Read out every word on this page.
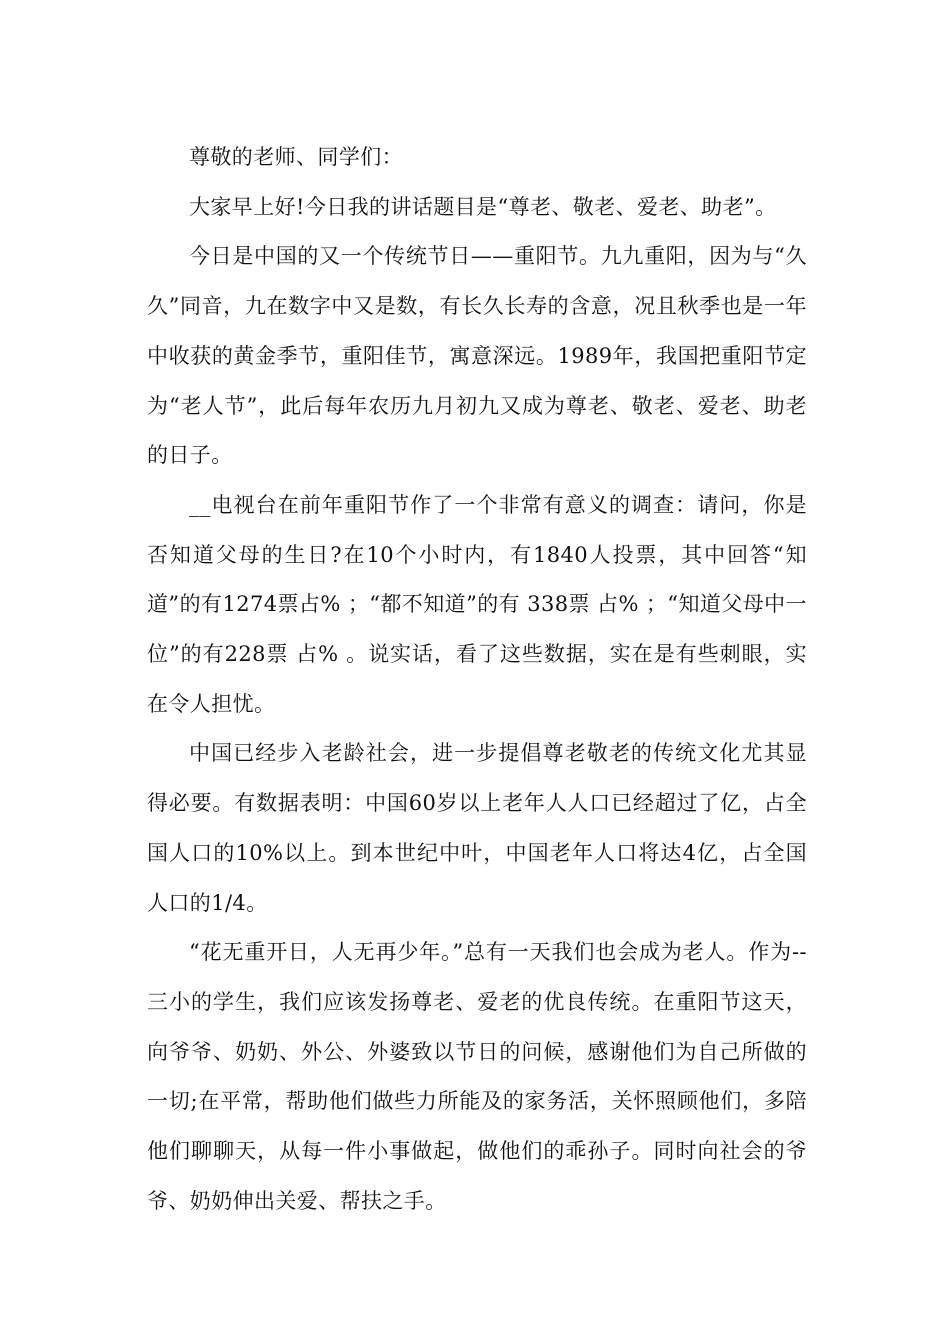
尊敬的老师、同学们：

大家早上好!今日我的讲话题目是“尊老、敬老、爱老、助老”。

今日是中国的又一个传统节日——重阳节。九九重阳，因为与“久久”同音，九在数字中又是数，有长久长寿的含意，况且秋季也是一年中收获的黄金季节，重阳佳节，寓意深远。1989年，我国把重阳节定为“老人节”，此后每年农历九月初九又成为尊老、敬老、爱老、助老的日子。

__电视台在前年重阳节作了一个非常有意义的调查：请问，你是否知道父母的生日?在10个小时内，有1840人投票，其中回答“知道”的有1274票占% ；“都不知道”的有 338票 占% ；“知道父母中一位”的有228票 占% 。说实话，看了这些数据，实在是有些刺眼，实在令人担忧。

中国已经步入老龄社会，进一步提倡尊老敬老的传统文化尤其显得必要。有数据表明：中国60岁以上老年人人口已经超过了亿，占全国人口的10%以上。到本世纪中叶，中国老年人口将达4亿，占全国人口的1/4。

“花无重开日，人无再少年。”总有一天我们也会成为老人。作为--三小的学生，我们应该发扬尊老、爱老的优良传统。在重阳节这天，向爷爷、奶奶、外公、外婆致以节日的问候，感谢他们为自己所做的一切;在平常，帮助他们做些力所能及的家务活，关怀照顾他们，多陪他们聊聊天，从每一件小事做起，做他们的乖孙子。同时向社会的爷爷、奶奶伸出关爱、帮扶之手。
